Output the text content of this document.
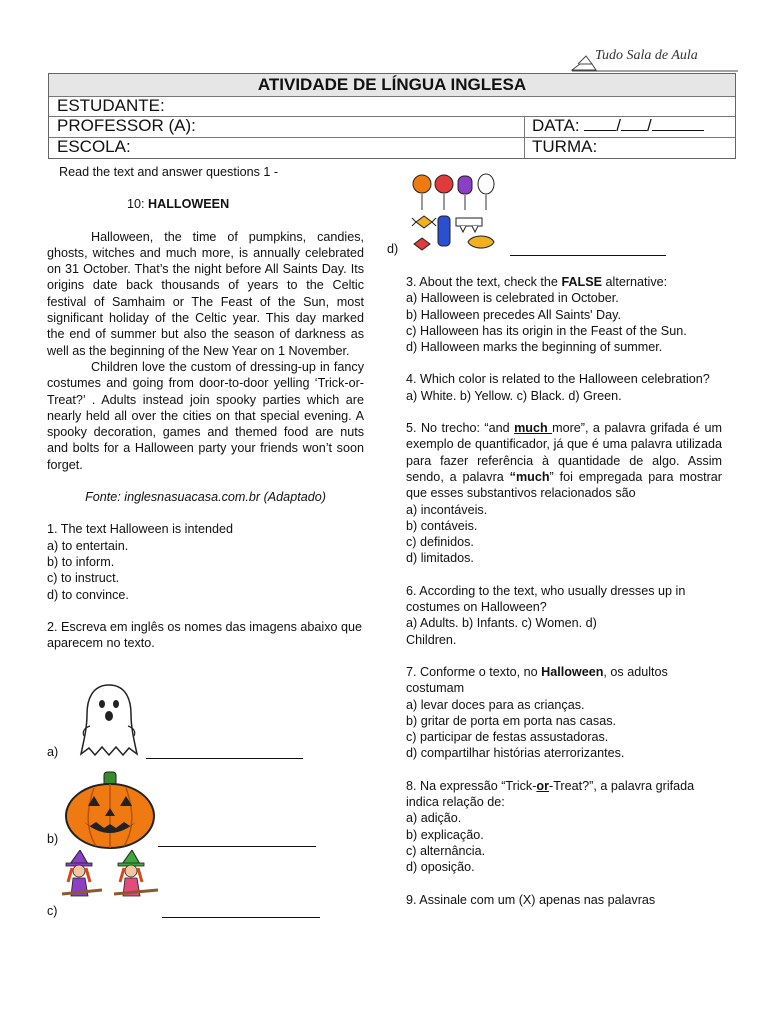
Tudo Sala de Aula
ATIVIDADE DE LÍNGUA INGLESA
ESTUDANTE:
PROFESSOR (A):
ESCOLA:
DATA: / /
TURMA:

Read the text and answer questions 1 -

10: HALLOWEEN

Halloween, the time of pumpkins, candies, ghosts, witches and much more, is annually celebrated on 31 October. That’s the night before All Saints Day. Its origins date back thousands of years to the Celtic festival of Samhaim or The Feast of the Sun, most significant holiday of the Celtic year. This day marked the end of summer but also the season of darkness as well as the beginning of the New Year on 1 November.

Children love the custom of dressing-up in fancy costumes and going from door-to-door yelling ‘Trick-or-Treat?’ . Adults instead join spooky parties which are nearly held all over the cities on that special evening. A spooky decoration, games and themed food are nuts and bolts for a Halloween party your friends won’t soon forget.

Fonte: inglesnasuacasa.com.br (Adaptado)

1. The text Halloween is intended

a) to entertain.

b) to inform.

c) to instruct.

d) to convince.

2. Escreva em inglês os nomes das imagens abaixo que aparecem no texto.

a)
b)
c)
d)

3. About the text, check the FALSE alternative:

a) Halloween is celebrated in October.

b) Halloween precedes All Saints' Day.

c) Halloween has its origin in the Feast of the Sun.

d) Halloween marks the beginning of summer.

4. Which color is related to the Halloween celebration?

a) White. b) Yellow. c) Black. d) Green.

5. No trecho: “and much more”, a palavra grifada é um exemplo de quantificador, já que é uma palavra utilizada para fazer referência à quantidade de algo. Assim sendo, a palavra “much” foi empregada para mostrar que esses substantivos relacionados são

a) incontáveis.

b) contáveis.

c) definidos.

d) limitados.

6. According to the text, who usually dresses up in costumes on Halloween?

a) Adults. b) Infants. c) Women. d)

Children.

7. Conforme o texto, no Halloween, os adultos costumam

a) levar doces para as crianças.

b) gritar de porta em porta nas casas.

c) participar de festas assustadoras.

d) compartilhar histórias aterrorizantes.

8. Na expressão “Trick-or-Treat?”, a palavra grifada indica relação de:

a) adição.

b) explicação.

c) alternância.

d) oposição.

9. Assinale com um (X) apenas nas palavras
